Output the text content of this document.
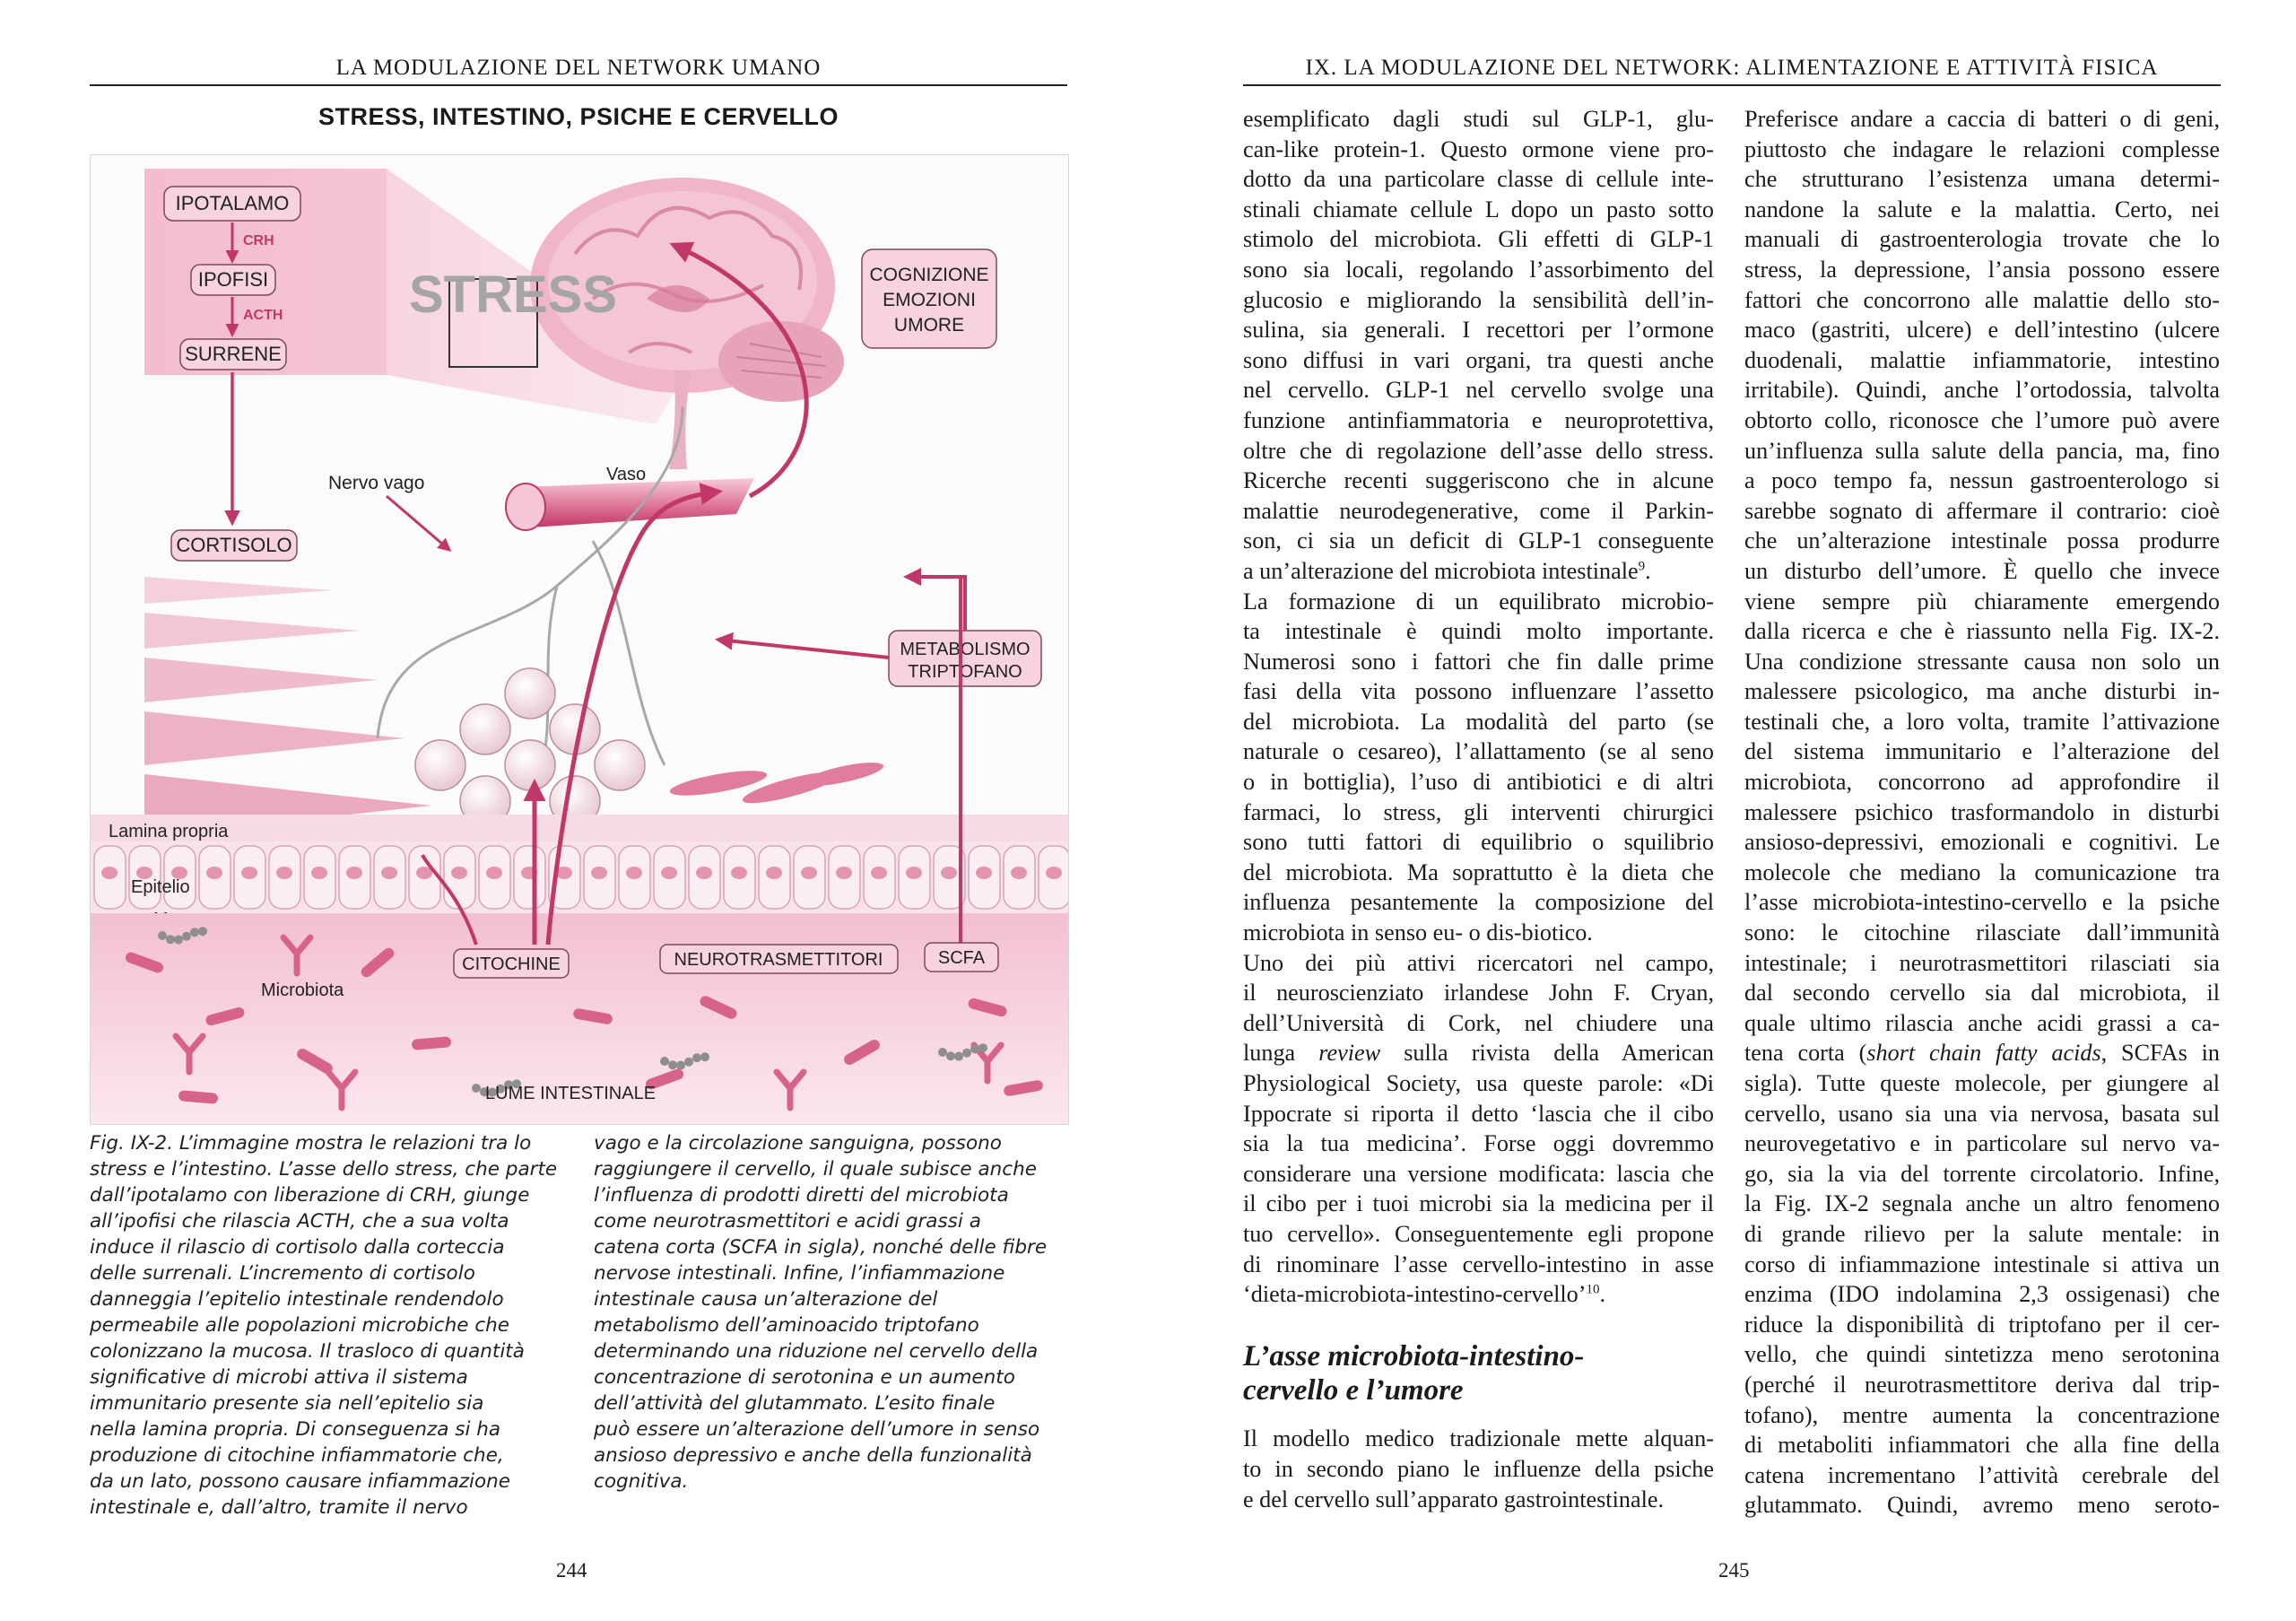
LA MODULAZIONE DEL NETWORK UMANO
STRESS, INTESTINO, PSICHE E CERVELLO
IPOTALAMO
CRH
IPOFISI
ACTH
SURRENE
STRESS
CORTISOLO
COGNIZIONE
EMOZIONI
UMORE
Vaso
Nervo vago
METABOLISMO
TRIPTOFANO
Lamina propria
Epitelio
SCFA
CITOCHINE	NEUROTRASMETTITORI
Microbiota
LUME INTESTINALE
Fig. IX-2. L’immagine mostra le relazioni tra lo
stress e l’intestino. L’asse dello stress, che parte
dall’ipotalamo con liberazione di CRH, giunge
all’ipofisi che rilascia ACTH, che a sua volta
induce il rilascio di cortisolo dalla corteccia
delle surrenali. L’incremento di cortisolo
danneggia l’epitelio intestinale rendendolo
permeabile alle popolazioni microbiche che
colonizzano la mucosa. Il trasloco di quantità
significative di microbi attiva il sistema
immunitario presente sia nell’epitelio sia
nella lamina propria. Di conseguenza si ha
produzione di citochine infiammatorie che,
da un lato, possono causare infiammazione
intestinale e, dall’altro, tramite il nervo
vago e la circolazione sanguigna, possono
raggiungere il cervello, il quale subisce anche
l’influenza di prodotti diretti del microbiota
come neurotrasmettitori e acidi grassi a
catena corta (SCFA in sigla), nonché delle fibre
nervose intestinali. Infine, l’infiammazione
intestinale causa un’alterazione del
metabolismo dell’aminoacido triptofano
determinando una riduzione nel cervello della
concentrazione di serotonina e un aumento
dell’attività del glutammato. L’esito finale
può essere un’alterazione dell’umore in senso
ansioso depressivo e anche della funzionalità
cognitiva.
244
IX. LA MODULAZIONE DEL NETWORK: ALIMENTAZIONE E ATTIVITÀ FISICA
esemplificato dagli studi sul GLP-1, glu-
can-like protein-1. Questo ormone viene pro-
dotto da una particolare classe di cellule inte-
stinali chiamate cellule L dopo un pasto sotto
stimolo del microbiota. Gli effetti di GLP-1
sono sia locali, regolando l’assorbimento del
glucosio e migliorando la sensibilità dell’in-
sulina, sia generali. I recettori per l’ormone
sono diffusi in vari organi, tra questi anche
nel cervello. GLP-1 nel cervello svolge una
funzione antinfiammatoria e neuroprotettiva,
oltre che di regolazione dell’asse dello stress.
Ricerche recenti suggeriscono che in alcune
malattie neurodegenerative, come il Parkin-
son, ci sia un deficit di GLP-1 conseguente
a un’alterazione del microbiota intestinale$^9$.
La formazione di un equilibrato microbio-
ta intestinale è quindi molto importante.
Numerosi sono i fattori che fin dalle prime
fasi della vita possono influenzare l’assetto
del microbiota. La modalità del parto (se
naturale o cesareo), l’allattamento (se al seno
o in bottiglia), l’uso di antibiotici e di altri
farmaci, lo stress, gli interventi chirurgici
sono tutti fattori di equilibrio o squilibrio
del microbiota. Ma soprattutto è la dieta che
influenza pesantemente la composizione del
microbiota in senso eu- o dis-biotico.
Uno dei più attivi ricercatori nel campo,
il neuroscienziato irlandese John F. Cryan,
dell’Università di Cork, nel chiudere una
lunga review sulla rivista della American
Physiological Society, usa queste parole: «Di
Ippocrate si riporta il detto ‘lascia che il cibo
sia la tua medicina’. Forse oggi dovremmo
considerare una versione modificata: lascia che
il cibo per i tuoi microbi sia la medicina per il
tuo cervello». Conseguentemente egli propone
di rinominare l’asse cervello-intestino in asse
‘dieta-microbiota-intestino-cervello’$^{10}$.
L’asse microbiota-intestino-
cervello e l’umore
Il modello medico tradizionale mette alquan-
to in secondo piano le influenze della psiche
e del cervello sull’apparato gastrointestinale.
Preferisce andare a caccia di batteri o di geni,
piuttosto che indagare le relazioni complesse
che strutturano l’esistenza umana determi-
nandone la salute e la malattia. Certo, nei
manuali di gastroenterologia trovate che lo
stress, la depressione, l’ansia possono essere
fattori che concorrono alle malattie dello sto-
maco (gastriti, ulcere) e dell’intestino (ulcere
duodenali, malattie infiammatorie, intestino
irritabile). Quindi, anche l’ortodossia, talvolta
obtorto collo, riconosce che l’umore può avere
un’influenza sulla salute della pancia, ma, fino
a poco tempo fa, nessun gastroenterologo si
sarebbe sognato di affermare il contrario: cioè
che un’alterazione intestinale possa produrre
un disturbo dell’umore. È quello che invece
viene sempre più chiaramente emergendo
dalla ricerca e che è riassunto nella Fig. IX-2.
Una condizione stressante causa non solo un
malessere psicologico, ma anche disturbi in-
testinali che, a loro volta, tramite l’attivazione
del sistema immunitario e l’alterazione del
microbiota, concorrono ad approfondire il
malessere psichico trasformandolo in disturbi
ansioso-depressivi, emozionali e cognitivi. Le
molecole che mediano la comunicazione tra
l’asse microbiota-intestino-cervello e la psiche
sono: le citochine rilasciate dall’immunità
intestinale; i neurotrasmettitori rilasciati sia
dal secondo cervello sia dal microbiota, il
quale ultimo rilascia anche acidi grassi a ca-
tena corta (short chain fatty acids, SCFAs in
sigla). Tutte queste molecole, per giungere al
cervello, usano sia una via nervosa, basata sul
neurovegetativo e in particolare sul nervo va-
go, sia la via del torrente circolatorio. Infine,
la Fig. IX-2 segnala anche un altro fenomeno
di grande rilievo per la salute mentale: in
corso di infiammazione intestinale si attiva un
enzima (IDO indolamina 2,3 ossigenasi) che
riduce la disponibilità di triptofano per il cer-
vello, che quindi sintetizza meno serotonina
(perché il neurotrasmettitore deriva dal trip-
tofano), mentre aumenta la concentrazione
di metaboliti infiammatori che alla fine della
catena incrementano l’attività cerebrale del
glutammato. Quindi, avremo meno seroto-
245
